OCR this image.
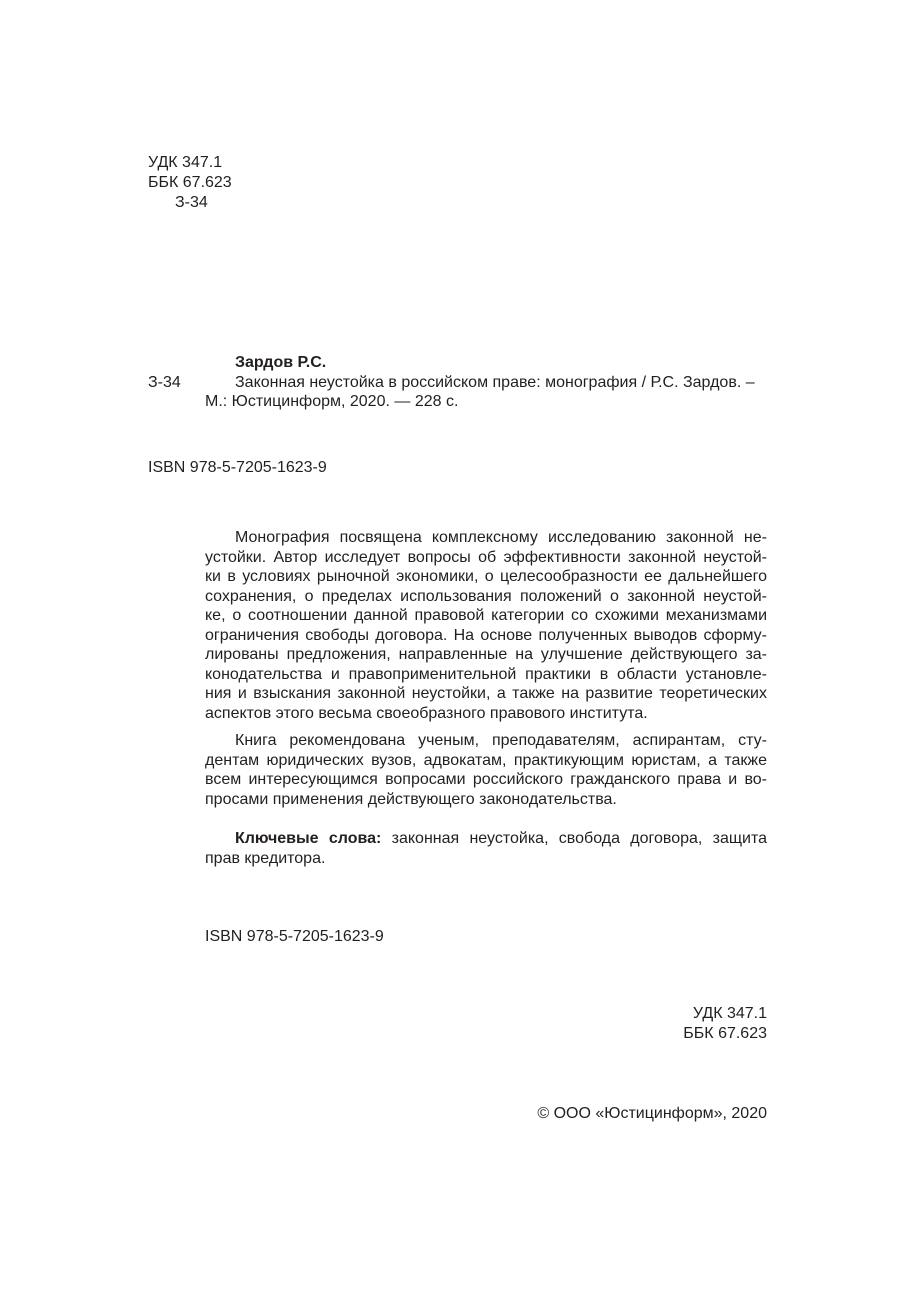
УДК 347.1
ББК 67.623
З-34
Зардов Р.С.
З-34	Законная неустойка в российском праве: монография / Р.С. Зардов. –
М.: Юстицинформ, 2020. — 228 с.
ISBN 978-5-7205-1623-9
Монография посвящена комплексному исследованию законной не-
устойки. Автор исследует вопросы об эффективности законной неустой-
ки в условиях рыночной экономики, о целесообразности ее дальнейшего
сохранения, о пределах использования положений о законной неустой-
ке, о соотношении данной правовой категории со схожими механизмами
ограничения свободы договора. На основе полученных выводов сформу-
лированы предложения, направленные на улучшение действующего за-
конодательства и правоприменительной практики в области установле-
ния и взыскания законной неустойки, а также на развитие теоретических
аспектов этого весьма своеобразного правового института.
Книга рекомендована ученым, преподавателям, аспирантам, сту-
дентам юридических вузов, адвокатам, практикующим юристам, а также
всем интересующимся вопросами российского гражданского права и во-
просами применения действующего законодательства.
Ключевые слова: законная неустойка, свобода договора, защита
прав кредитора.
ISBN 978-5-7205-1623-9
УДК 347.1
ББК 67.623
© ООО «Юстицинформ», 2020
